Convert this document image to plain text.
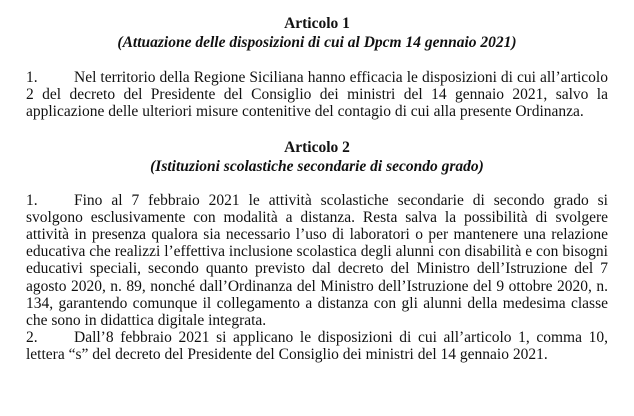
Articolo 1
(Attuazione delle disposizioni di cui al Dpcm 14 gennaio 2021)

1. Nel territorio della Regione Siciliana hanno efficacia le disposizioni di cui all’articolo 2 del decreto del Presidente del Consiglio dei ministri del 14 gennaio 2021, salvo la applicazione delle ulteriori misure contenitive del contagio di cui alla presente Ordinanza.

Articolo 2
(Istituzioni scolastiche secondarie di secondo grado)

1. Fino al 7 febbraio 2021 le attività scolastiche secondarie di secondo grado si svolgono esclusivamente con modalità a distanza. Resta salva la possibilità di svolgere attività in presenza qualora sia necessario l’uso di laboratori o per mantenere una relazione educativa che realizzi l’effettiva inclusione scolastica degli alunni con disabilità e con bisogni educativi speciali, secondo quanto previsto dal decreto del Ministro dell’Istruzione del 7 agosto 2020, n. 89, nonché dall’Ordinanza del Ministro dell’Istruzione del 9 ottobre 2020, n. 134, garantendo comunque il collegamento a distanza con gli alunni della medesima classe che sono in didattica digitale integrata.

2. Dall’8 febbraio 2021 si applicano le disposizioni di cui all’articolo 1, comma 10, lettera “s” del decreto del Presidente del Consiglio dei ministri del 14 gennaio 2021.
